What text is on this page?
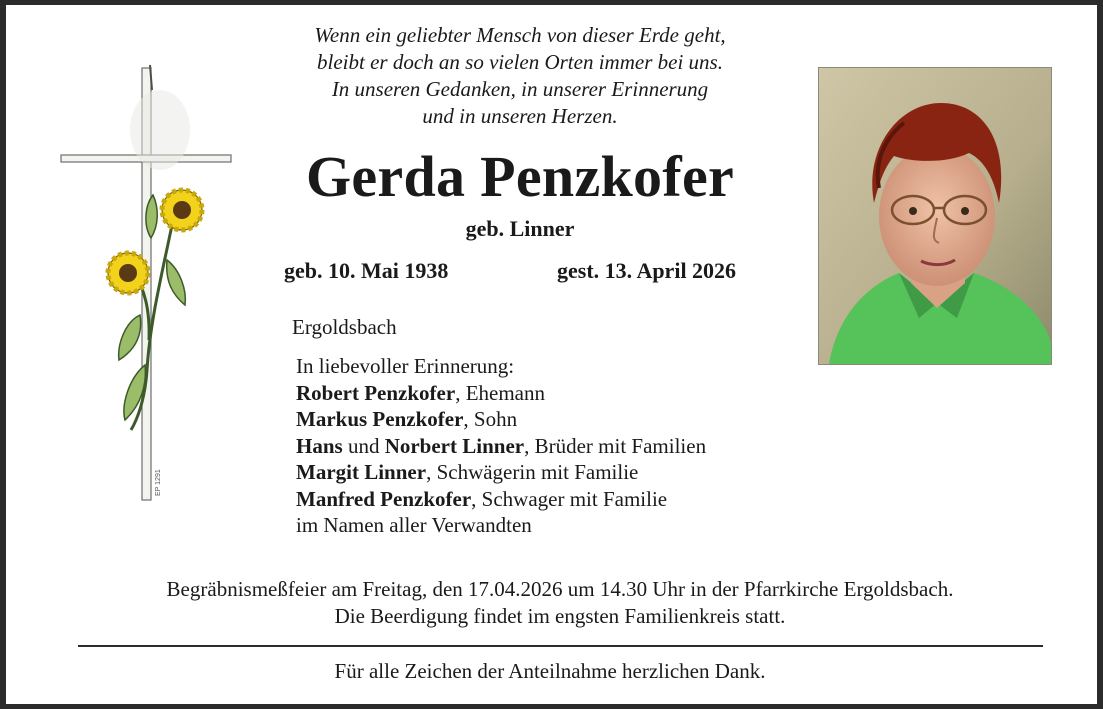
EP 1291
Wenn ein geliebter Mensch von dieser Erde geht,
bleibt er doch an so vielen Orten immer bei uns.
In unseren Gedanken, in unserer Erinnerung
und in unseren Herzen.
Gerda Penzkofer
geb. Linner
geb. 10. Mai 1938	gest. 13. April 2026
Ergoldsbach
In liebevoller Erinnerung:
Robert Penzkofer, Ehemann
Markus Penzkofer, Sohn
Hans und Norbert Linner, Brüder mit Familien
Margit Linner, Schwägerin mit Familie
Manfred Penzkofer, Schwager mit Familie
im Namen aller Verwandten
Begräbnismeßfeier am Freitag, den 17.04.2026 um 14.30 Uhr in der Pfarrkirche Ergoldsbach.
Die Beerdigung findet im engsten Familienkreis statt.
Für alle Zeichen der Anteilnahme herzlichen Dank.
